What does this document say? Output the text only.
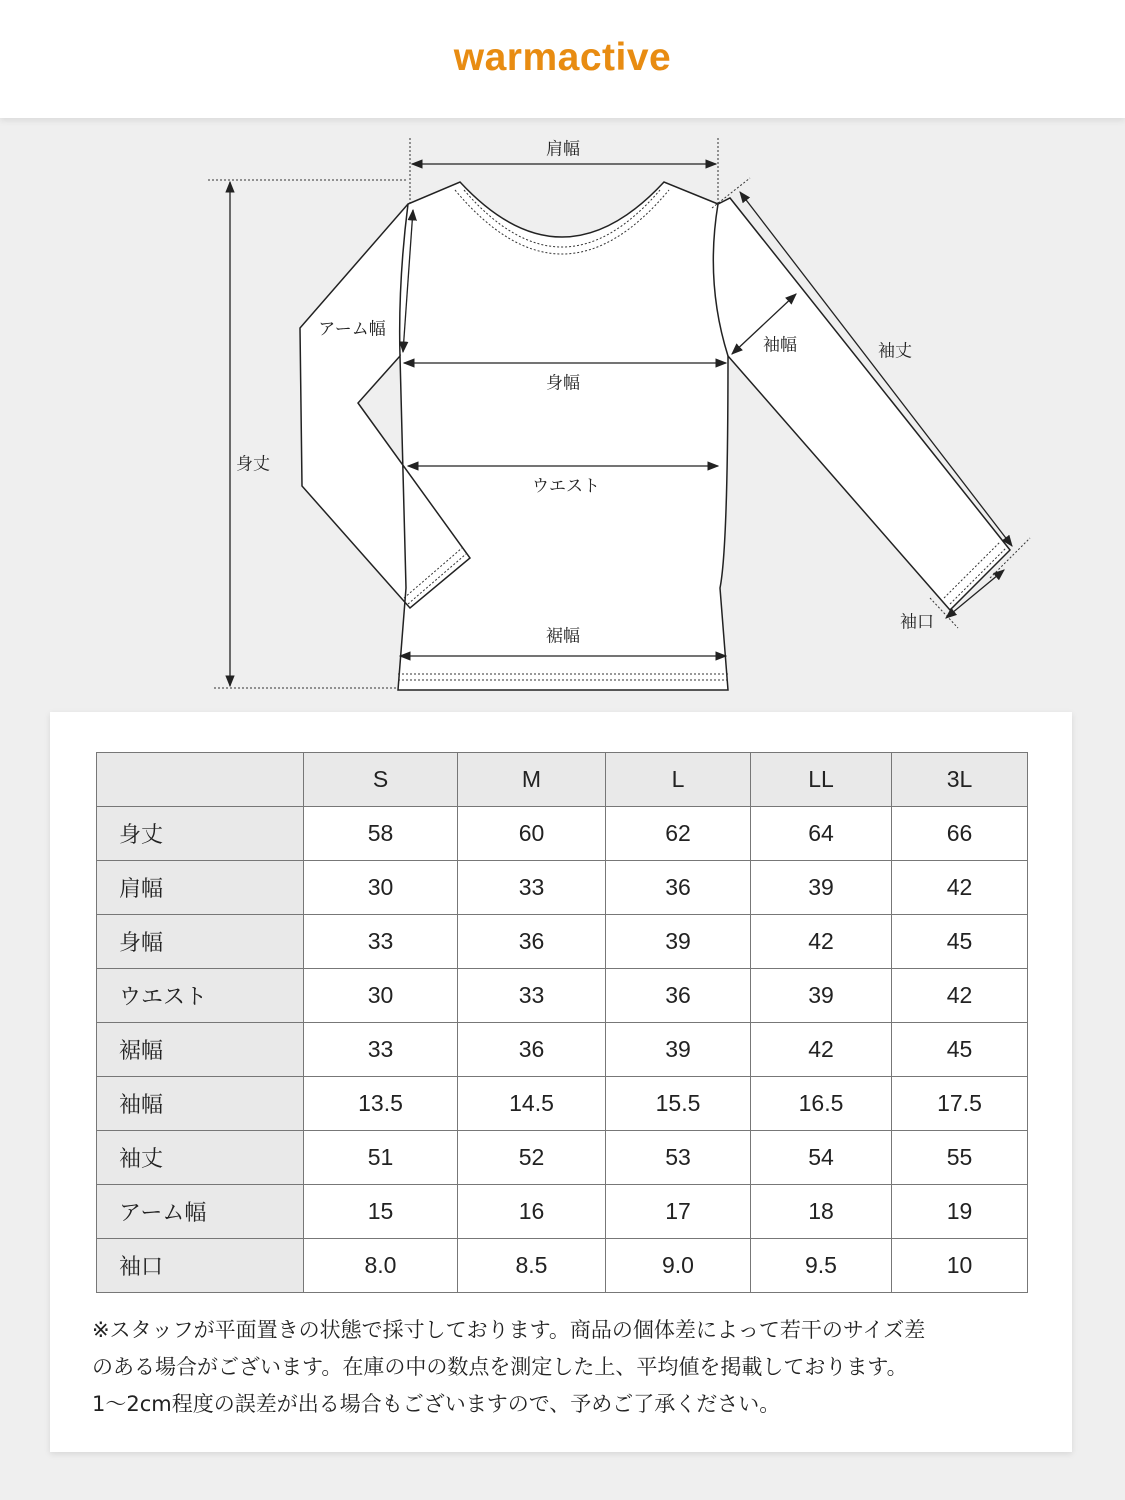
warmactive
肩幅
アーム幅
身幅
ウエスト
裾幅
身丈
袖幅	袖丈
袖口
	S	M	L	LL	3L
身丈	58	60	62	64	66
肩幅	30	33	36	39	42
身幅	33	36	39	42	45
ウエスト	30	33	36	39	42
裾幅	33	36	39	42	45
袖幅	13.5	14.5	15.5	16.5	17.5
袖丈	51	52	53	54	55
アーム幅	15	16	17	18	19
袖口	8.0	8.5	9.0	9.5	10
※スタッフが平面置きの状態で採寸しております。商品の個体差によって若干のサイズ差
のある場合がございます。在庫の中の数点を測定した上、平均値を掲載しております。
1〜2cm程度の誤差が出る場合もございますので、予めご了承ください。
